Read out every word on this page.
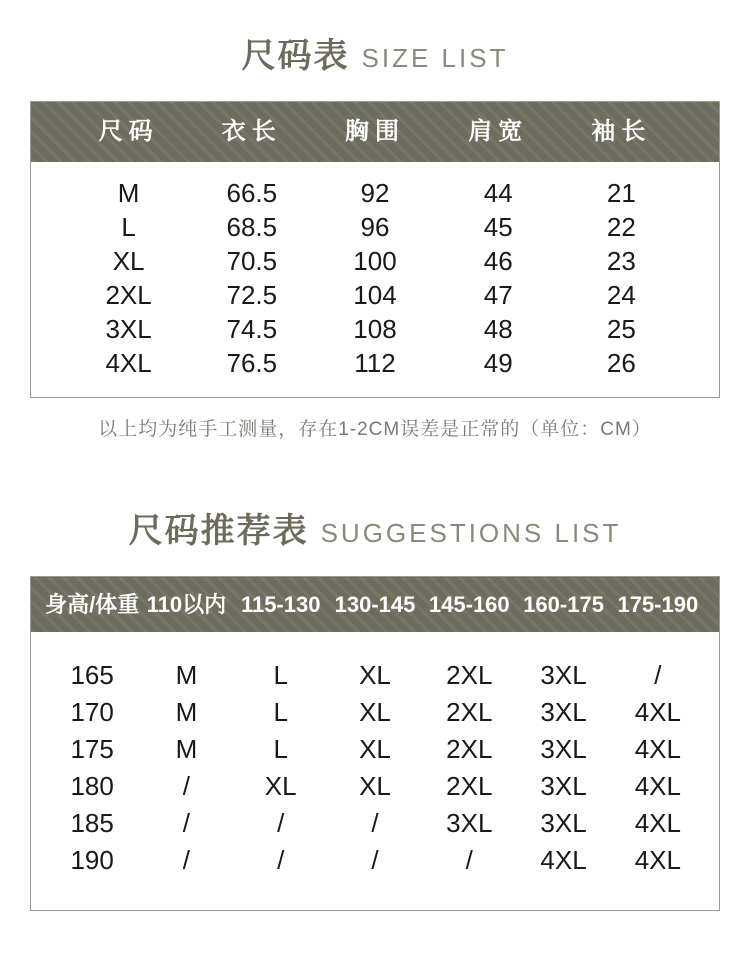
尺码表 SIZE LIST
尺码	衣长	胸围	肩宽	袖长
M	66.5	92	44	21
L	68.5	96	45	22
XL	70.5	100	46	23
2XL	72.5	104	47	24
3XL	74.5	108	48	25
4XL	76.5	112	49	26
以上均为纯手工测量，存在1-2CM误差是正常的（单位：CM）
尺码推荐表 SUGGESTIONS LIST
身高/体重 110以内 115-130 130-145 145-160 160-175 175-190
165	M	L	XL	2XL	3XL	/
170	M	L	XL	2XL	3XL	4XL
175	M	L	XL	2XL	3XL	4XL
180	/	XL	XL	2XL	3XL	4XL
185	/	/	/	3XL	3XL	4XL
190	/	/	/	/	4XL	4XL
